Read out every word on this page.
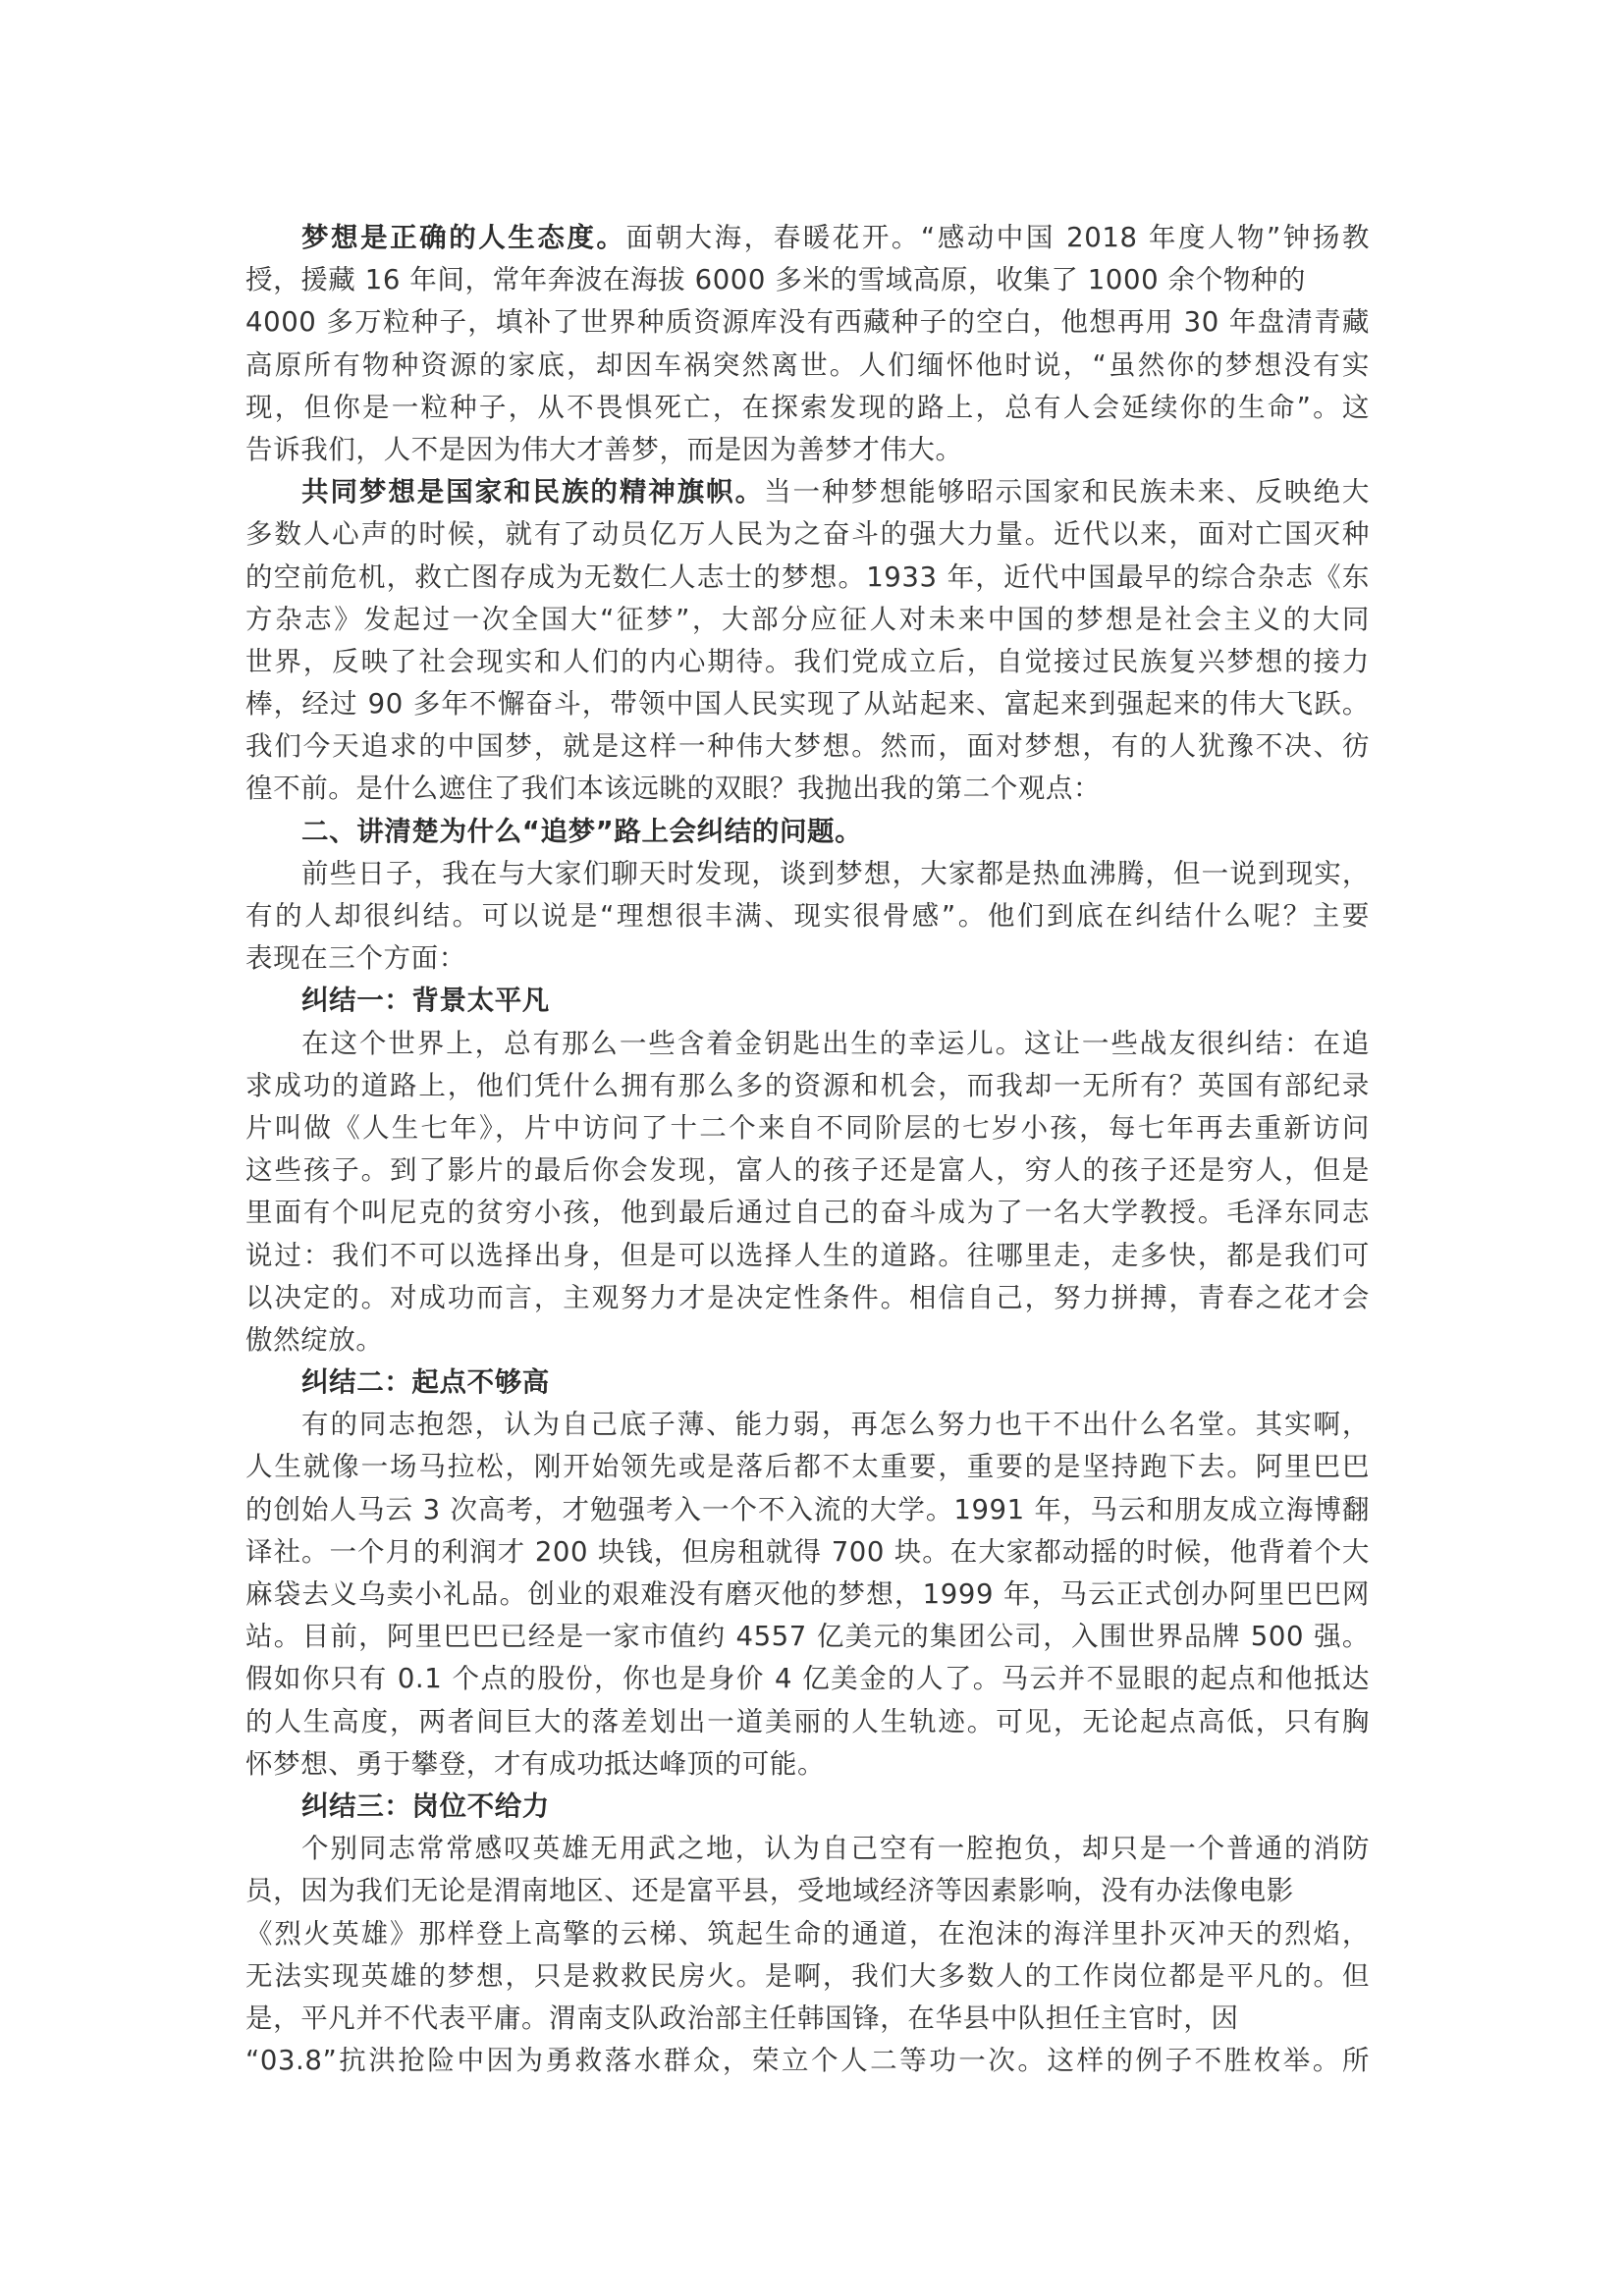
梦想是正确的人生态度。面朝大海，春暖花开。“感动中国 2018 年度人物”钟扬教
授，援藏 16 年间，常年奔波在海拔 6000 多米的雪域高原，收集了 1000 余个物种的
4000 多万粒种子，填补了世界种质资源库没有西藏种子的空白，他想再用 30 年盘清青藏
高原所有物种资源的家底，却因车祸突然离世。人们缅怀他时说，“虽然你的梦想没有实
现，但你是一粒种子，从不畏惧死亡，在探索发现的路上，总有人会延续你的生命”。这
告诉我们，人不是因为伟大才善梦，而是因为善梦才伟大。
共同梦想是国家和民族的精神旗帜。当一种梦想能够昭示国家和民族未来、反映绝大
多数人心声的时候，就有了动员亿万人民为之奋斗的强大力量。近代以来，面对亡国灭种
的空前危机，救亡图存成为无数仁人志士的梦想。1933 年，近代中国最早的综合杂志《东
方杂志》发起过一次全国大“征梦”，大部分应征人对未来中国的梦想是社会主义的大同
世界，反映了社会现实和人们的内心期待。我们党成立后，自觉接过民族复兴梦想的接力
棒，经过 90 多年不懈奋斗，带领中国人民实现了从站起来、富起来到强起来的伟大飞跃。
我们今天追求的中国梦，就是这样一种伟大梦想。然而，面对梦想，有的人犹豫不决、彷
徨不前。是什么遮住了我们本该远眺的双眼？我抛出我的第二个观点：
二、讲清楚为什么“追梦”路上会纠结的问题。
前些日子，我在与大家们聊天时发现，谈到梦想，大家都是热血沸腾，但一说到现实，
有的人却很纠结。可以说是“理想很丰满、现实很骨感”。他们到底在纠结什么呢？主要
表现在三个方面：
纠结一：背景太平凡
在这个世界上，总有那么一些含着金钥匙出生的幸运儿。这让一些战友很纠结：在追
求成功的道路上，他们凭什么拥有那么多的资源和机会，而我却一无所有？英国有部纪录
片叫做《人生七年》，片中访问了十二个来自不同阶层的七岁小孩，每七年再去重新访问
这些孩子。到了影片的最后你会发现，富人的孩子还是富人，穷人的孩子还是穷人，但是
里面有个叫尼克的贫穷小孩，他到最后通过自己的奋斗成为了一名大学教授。毛泽东同志
说过：我们不可以选择出身，但是可以选择人生的道路。往哪里走，走多快，都是我们可
以决定的。对成功而言，主观努力才是决定性条件。相信自己，努力拼搏，青春之花才会
傲然绽放。
纠结二：起点不够高
有的同志抱怨，认为自己底子薄、能力弱，再怎么努力也干不出什么名堂。其实啊，
人生就像一场马拉松，刚开始领先或是落后都不太重要，重要的是坚持跑下去。阿里巴巴
的创始人马云 3 次高考，才勉强考入一个不入流的大学。1991 年，马云和朋友成立海博翻
译社。一个月的利润才 200 块钱，但房租就得 700 块。在大家都动摇的时候，他背着个大
麻袋去义乌卖小礼品。创业的艰难没有磨灭他的梦想，1999 年，马云正式创办阿里巴巴网
站。目前，阿里巴巴已经是一家市值约 4557 亿美元的集团公司，入围世界品牌 500 强。
假如你只有 0.1 个点的股份，你也是身价 4 亿美金的人了。马云并不显眼的起点和他抵达
的人生高度，两者间巨大的落差划出一道美丽的人生轨迹。可见，无论起点高低，只有胸
怀梦想、勇于攀登，才有成功抵达峰顶的可能。
纠结三：岗位不给力
个别同志常常感叹英雄无用武之地，认为自己空有一腔抱负，却只是一个普通的消防
员，因为我们无论是渭南地区、还是富平县，受地域经济等因素影响，没有办法像电影
《烈火英雄》那样登上高擎的云梯、筑起生命的通道，在泡沫的海洋里扑灭冲天的烈焰，
无法实现英雄的梦想，只是救救民房火。是啊，我们大多数人的工作岗位都是平凡的。但
是，平凡并不代表平庸。渭南支队政治部主任韩国锋，在华县中队担任主官时，因
“03.8”抗洪抢险中因为勇救落水群众，荣立个人二等功一次。这样的例子不胜枚举。所
